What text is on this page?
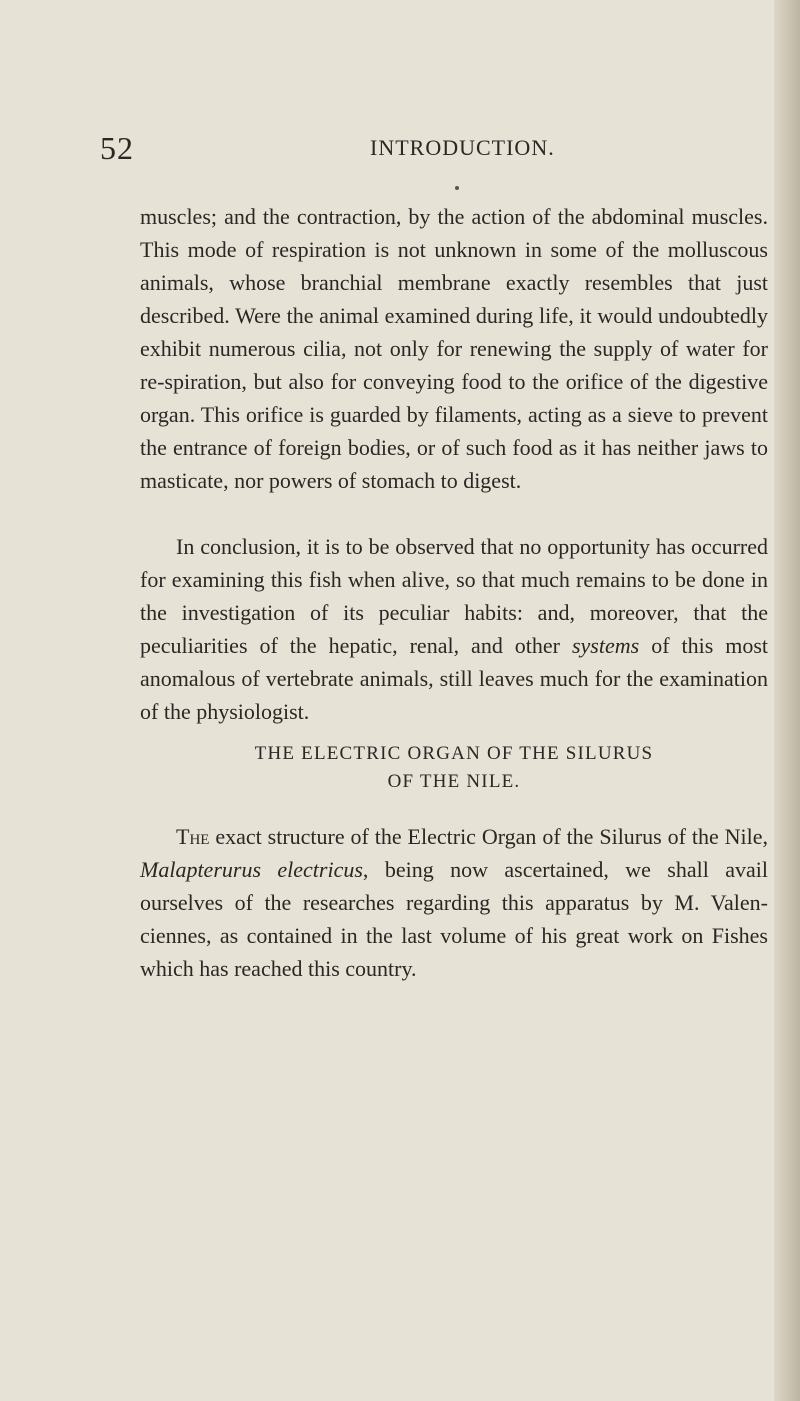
52	INTRODUCTION.

muscles; and the contraction, by the action of the abdominal muscles. This mode of respiration is not unknown in some of the molluscous animals, whose branchial membrane exactly resembles that just described. Were the animal examined during life, it would undoubtedly exhibit numerous cilia, not only for renewing the supply of water for re-spiration, but also for conveying food to the orifice of the digestive organ. This orifice is guarded by filaments, acting as a sieve to prevent the entrance of foreign bodies, or of such food as it has neither jaws to masticate, nor powers of stomach to digest.

In conclusion, it is to be observed that no opportunity has occurred for examining this fish when alive, so that much remains to be done in the investigation of its peculiar habits: and, moreover, that the peculiarities of the hepatic, renal, and other systems of this most anomalous of vertebrate animals, still leaves much for the examination of the physiologist.

THE ELECTRIC ORGAN OF THE SILURUS
OF THE NILE.

The exact structure of the Electric Organ of the Silurus of the Nile, Malapterurus electricus, being now ascertained, we shall avail ourselves of the researches regarding this apparatus by M. Valen-ciennes, as contained in the last volume of his great work on Fishes which has reached this country.
